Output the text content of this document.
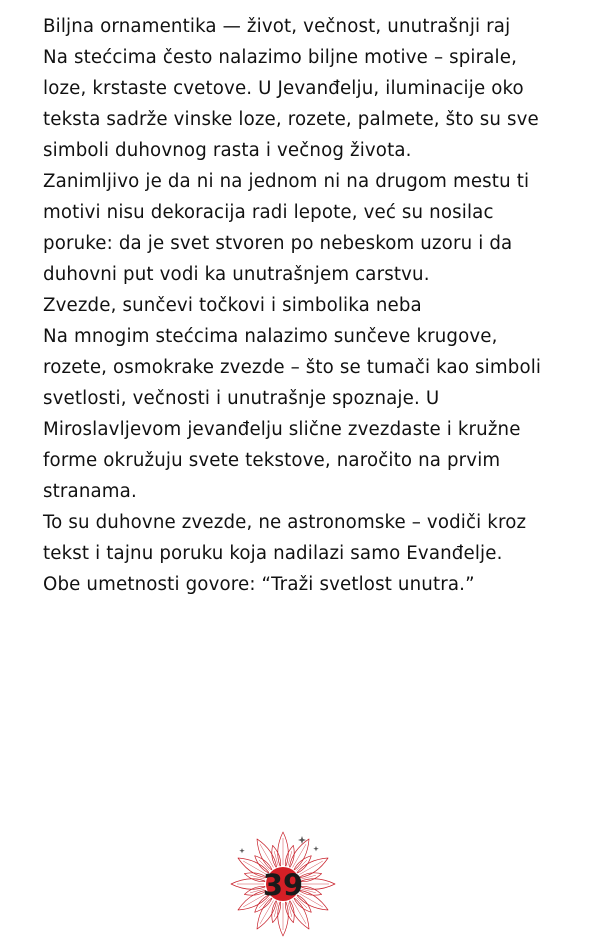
Biljna ornamentika — život, večnost, unutrašnji raj

Na stećcima često nalazimo biljne motive – spirale, loze, krstaste cvetove. U Jevanđelju, iluminacije oko teksta sadrže vinske loze, rozete, palmete, što su sve simboli duhovnog rasta i večnog života.

Zanimljivo je da ni na jednom ni na drugom mestu ti motivi nisu dekoracija radi lepote, već su nosilac poruke: da je svet stvoren po nebeskom uzoru i da duhovni put vodi ka unutrašnjem carstvu.

Zvezde, sunčevi točkovi i simbolika neba

Na mnogim stećcima nalazimo sunčeve krugove, rozete, osmokrake zvezde – što se tumači kao simboli svetlosti, večnosti i unutrašnje spoznaje. U Miroslavljevom jevanđelju slične zvezdaste i kružne forme okružuju svete tekstove, naročito na prvim stranama.

To su duhovne zvezde, ne astronomske – vodiči kroz tekst i tajnu poruku koja nadilazi samo Evanđelje. Obe umetnosti govore: “Traži svetlost unutra.”

39
